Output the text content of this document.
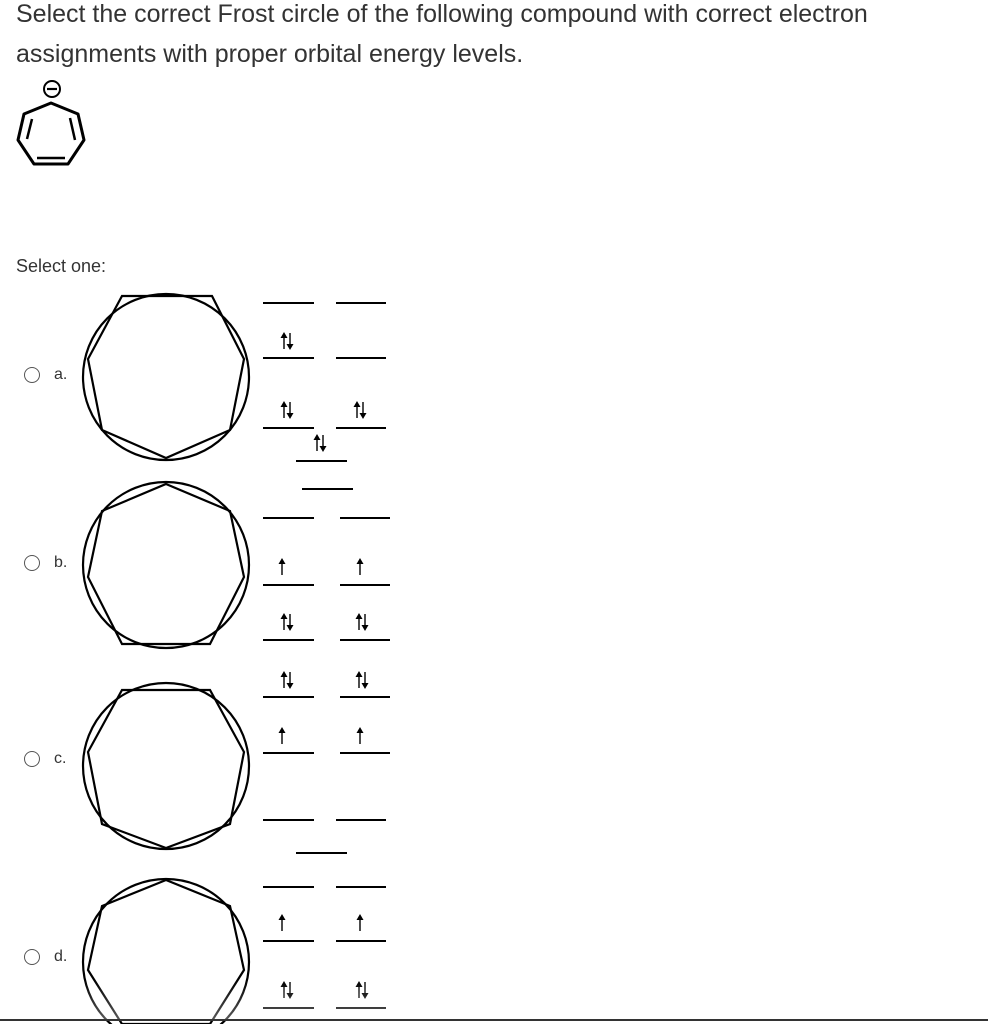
Select the correct Frost circle of the following compound with correct electron assignments with proper orbital energy levels.

Select one:
a.
b.
c.
d.
